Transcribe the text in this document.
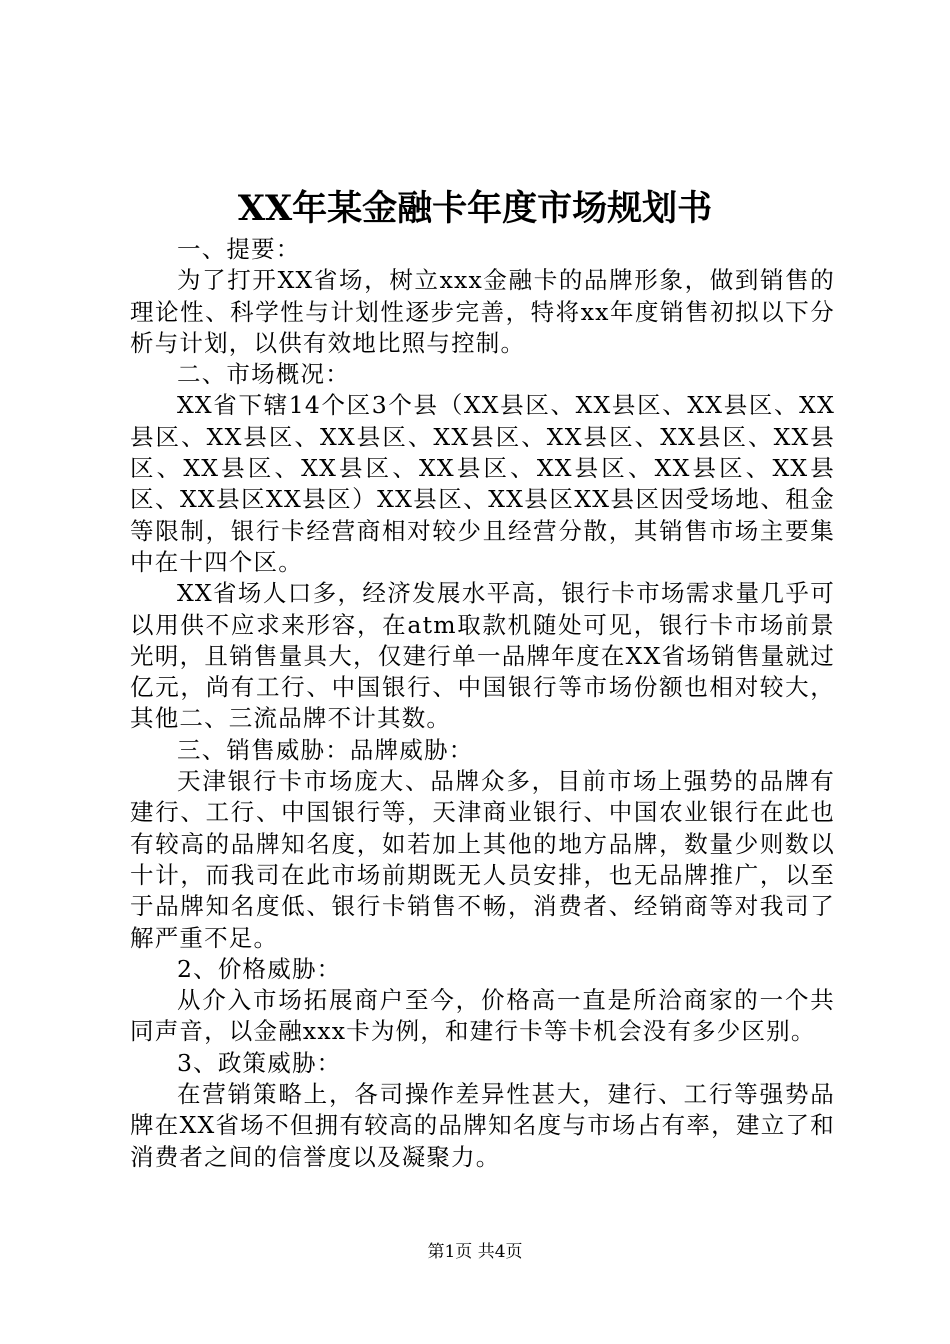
XX年某金融卡年度市场规划书

一、提要：

为了打开XX省场，树立xxx金融卡的品牌形象，做到销售的理论性、科学性与计划性逐步完善，特将xx年度销售初拟以下分析与计划，以供有效地比照与控制。

二、市场概况：

XX省下辖14个区3个县（XX县区、XX县区、XX县区、XX县区、XX县区、XX县区、XX县区、XX县区、XX县区、XX县区、XX县区、XX县区、XX县区、XX县区、XX县区、XX县区、XX县区XX县区）XX县区、XX县区XX县区因受场地、租金等限制，银行卡经营商相对较少且经营分散，其销售市场主要集中在十四个区。

XX省场人口多，经济发展水平高，银行卡市场需求量几乎可以用供不应求来形容，在atm取款机随处可见，银行卡市场前景光明，且销售量具大，仅建行单一品牌年度在XX省场销售量就过亿元，尚有工行、中国银行、中国银行等市场份额也相对较大，其他二、三流品牌不计其数。

三、销售威胁：品牌威胁：

天津银行卡市场庞大、品牌众多，目前市场上强势的品牌有建行、工行、中国银行等，天津商业银行、中国农业银行在此也有较高的品牌知名度，如若加上其他的地方品牌，数量少则数以十计，而我司在此市场前期既无人员安排，也无品牌推广，以至于品牌知名度低、银行卡销售不畅，消费者、经销商等对我司了解严重不足。

2、价格威胁：

从介入市场拓展商户至今，价格高一直是所洽商家的一个共同声音，以金融xxx卡为例，和建行卡等卡机会没有多少区别。

3、政策威胁：

在营销策略上，各司操作差异性甚大，建行、工行等强势品牌在XX省场不但拥有较高的品牌知名度与市场占有率，建立了和消费者之间的信誉度以及凝聚力。

第1页 共4页
